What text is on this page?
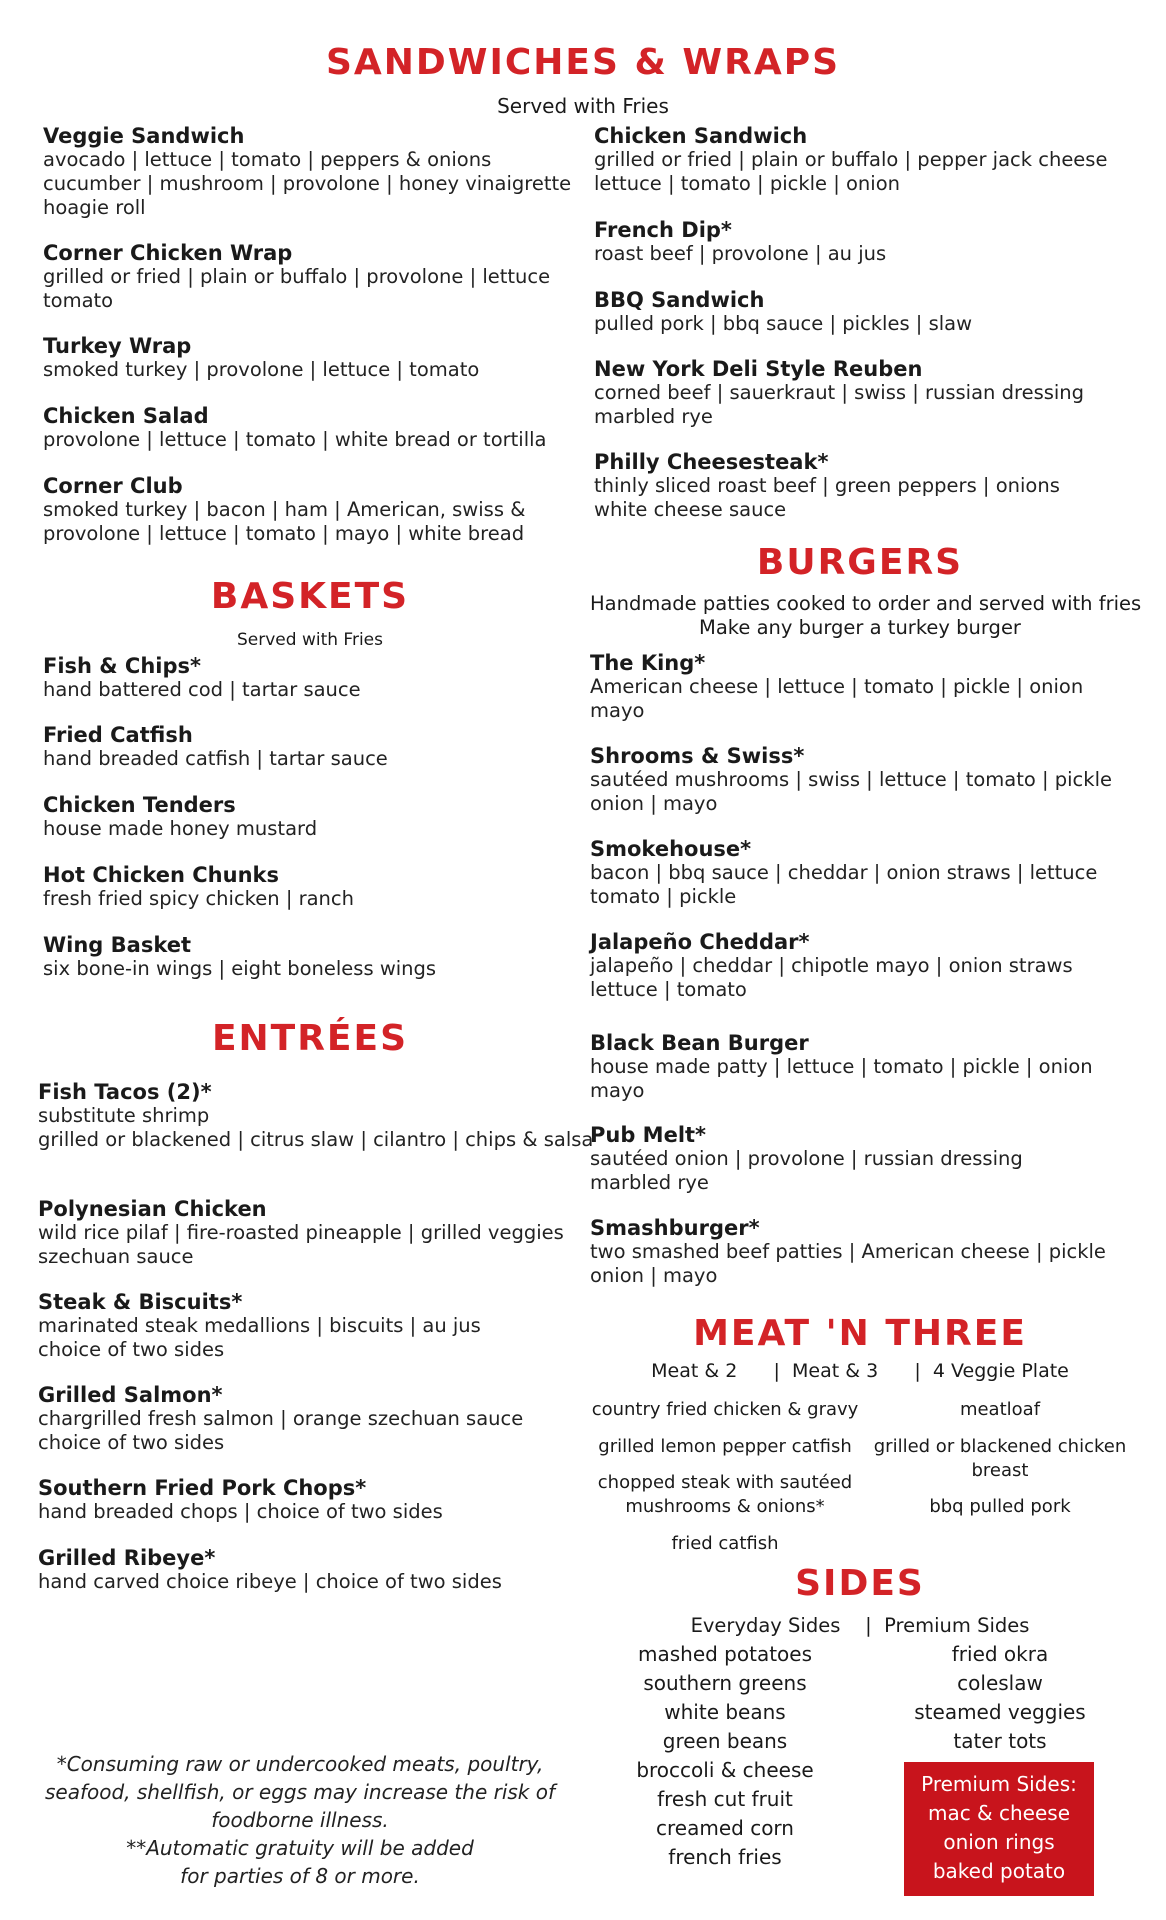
SANDWICHES & WRAPS
Served with Fries
Veggie Sandwich
avocado | lettuce | tomato | peppers & onions
cucumber | mushroom | provolone | honey vinaigrette
hoagie roll
Corner Chicken Wrap
grilled or fried | plain or buffalo | provolone | lettuce
tomato
Turkey Wrap
smoked turkey | provolone | lettuce | tomato
Chicken Salad
provolone | lettuce | tomato | white bread or tortilla
Corner Club
smoked turkey | bacon | ham | American, swiss &
provolone | lettuce | tomato | mayo | white bread
Chicken Sandwich
grilled or fried | plain or buffalo | pepper jack cheese
lettuce | tomato | pickle | onion
French Dip*
roast beef | provolone | au jus
BBQ Sandwich
pulled pork | bbq sauce | pickles | slaw
New York Deli Style Reuben
corned beef | sauerkraut | swiss | russian dressing
marbled rye
Philly Cheesesteak*
thinly sliced roast beef | green peppers | onions
white cheese sauce
BASKETS
Served with Fries
Fish & Chips*
hand battered cod | tartar sauce
Fried Catfish
hand breaded catfish | tartar sauce
Chicken Tenders
house made honey mustard
Hot Chicken Chunks
fresh fried spicy chicken | ranch
Wing Basket
six bone-in wings | eight boneless wings
ENTRÉES
Fish Tacos (2)*
substitute shrimp
grilled or blackened | citrus slaw | cilantro | chips & salsa
Polynesian Chicken
wild rice pilaf | fire-roasted pineapple | grilled veggies
szechuan sauce
Steak & Biscuits*
marinated steak medallions | biscuits | au jus
choice of two sides
Grilled Salmon*
chargrilled fresh salmon | orange szechuan sauce
choice of two sides
Southern Fried Pork Chops*
hand breaded chops | choice of two sides
Grilled Ribeye*
hand carved choice ribeye | choice of two sides
BURGERS
Handmade patties cooked to order and served with fries
Make any burger a turkey burger
The King*
American cheese | lettuce | tomato | pickle | onion
mayo
Shrooms & Swiss*
sautéed mushrooms | swiss | lettuce | tomato | pickle
onion | mayo
Smokehouse*
bacon | bbq sauce | cheddar | onion straws | lettuce
tomato | pickle
Jalapeño Cheddar*
jalapeño | cheddar | chipotle mayo | onion straws
lettuce | tomato
Black Bean Burger
house made patty | lettuce | tomato | pickle | onion
mayo
Pub Melt*
sautéed onion | provolone | russian dressing
marbled rye
Smashburger*
two smashed beef patties | American cheese | pickle
onion | mayo
MEAT 'N THREE
Meat & 2      |  Meat & 3      |  4 Veggie Plate
country fried chicken & gravy
grilled lemon pepper catfish
chopped steak with sautéed
mushrooms & onions*
fried catfish
meatloaf
grilled or blackened chicken
breast
bbq pulled pork
SIDES
Everyday Sides    |  Premium Sides
mashed potatoes
southern greens
white beans
green beans
broccoli & cheese
fresh cut fruit
creamed corn
french fries
fried okra
coleslaw
steamed veggies
tater tots
Premium Sides:
mac & cheese
onion rings
baked potato
*Consuming raw or undercooked meats, poultry,
seafood, shellfish, or eggs may increase the risk of
foodborne illness.
**Automatic gratuity will be added
for parties of 8 or more.
